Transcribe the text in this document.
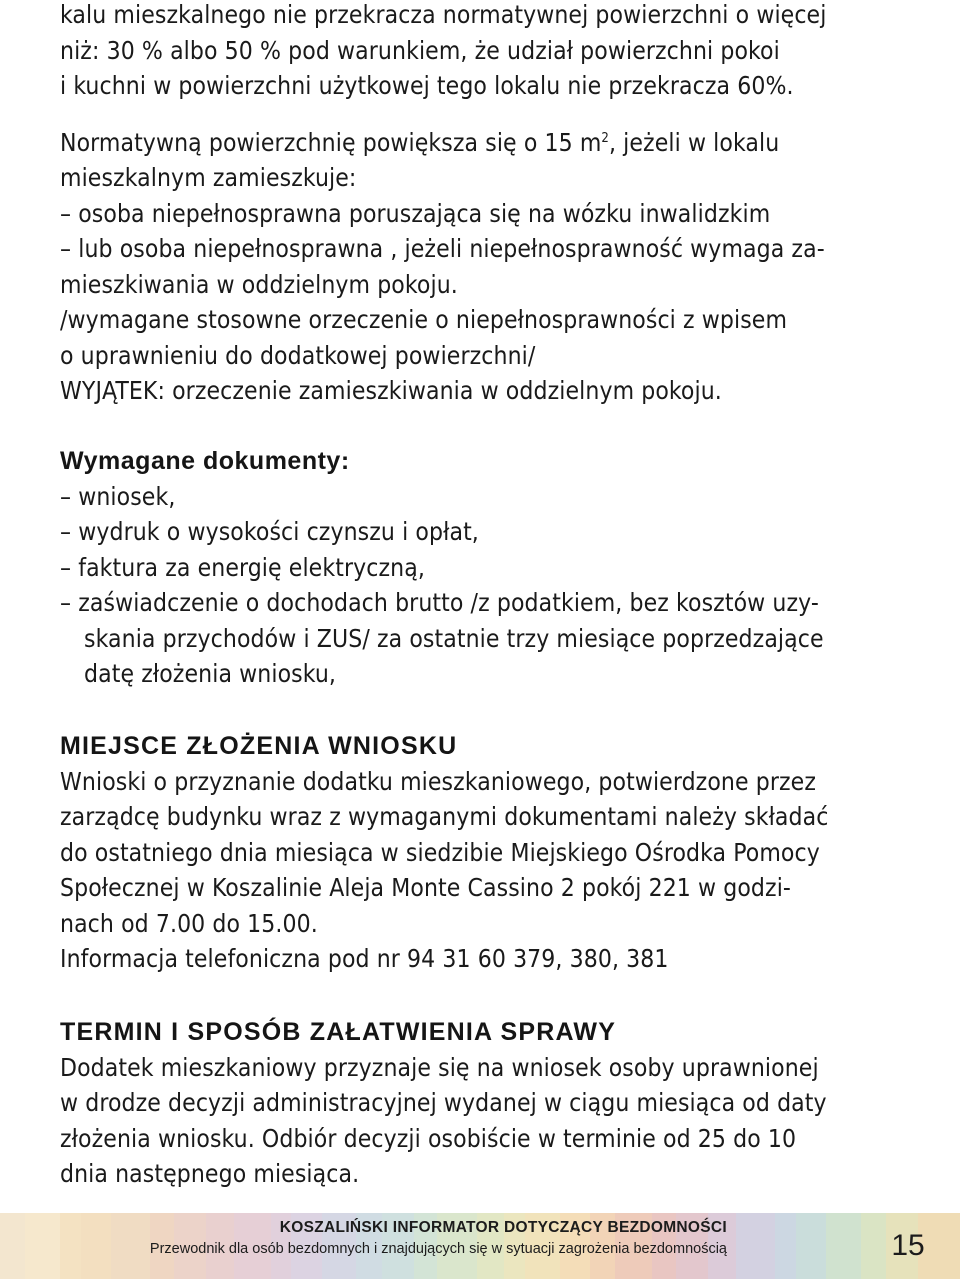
kalu mieszkalnego nie przekracza normatywnej powierzchni o więcej
niż: 30 % albo 50 % pod warunkiem, że udział powierzchni pokoi
i kuchni w powierzchni użytkowej tego lokalu nie przekracza 60%.

Normatywną powierzchnię powiększa się o 15 $m^2$, jeżeli w lokalu
mieszkalnym zamieszkuje:
– osoba niepełnosprawna poruszająca się na wózku inwalidzkim
– lub osoba niepełnosprawna , jeżeli niepełnosprawność wymaga za-
mieszkiwania w oddzielnym pokoju.
/wymagane stosowne orzeczenie o niepełnosprawności z wpisem
o uprawnieniu do dodatkowej powierzchni/
WYJĄTEK: orzeczenie zamieszkiwania w oddzielnym pokoju.

Wymagane dokumenty:

– wniosek,
– wydruk o wysokości czynszu i opłat,
– faktura za energię elektryczną,
– zaświadczenie o dochodach brutto /z podatkiem, bez kosztów uzy-
skania przychodów i ZUS/ za ostatnie trzy miesiące poprzedzające
datę złożenia wniosku,

MIEJSCE ZŁOŻENIA WNIOSKU

Wnioski o przyznanie dodatku mieszkaniowego, potwierdzone przez
zarządcę budynku wraz z wymaganymi dokumentami należy składać
do ostatniego dnia miesiąca w siedzibie Miejskiego Ośrodka Pomocy
Społecznej w Koszalinie Aleja Monte Cassino 2 pokój 221 w godzi-
nach od 7.00 do 15.00.
Informacja telefoniczna pod nr 94 31 60 379, 380, 381

TERMIN I SPOSÓB ZAŁATWIENIA SPRAWY

Dodatek mieszkaniowy przyznaje się na wniosek osoby uprawnionej
w drodze decyzji administracyjnej wydanej w ciągu miesiąca od daty
złożenia wniosku. Odbiór decyzji osobiście w terminie od 25 do 10
dnia następnego miesiąca.

KOSZALIŃSKI INFORMATOR DOTYCZĄCY BEZDOMNOŚCI
Przewodnik dla osób bezdomnych i znajdujących się w sytuacji zagrożenia bezdomnością	15
